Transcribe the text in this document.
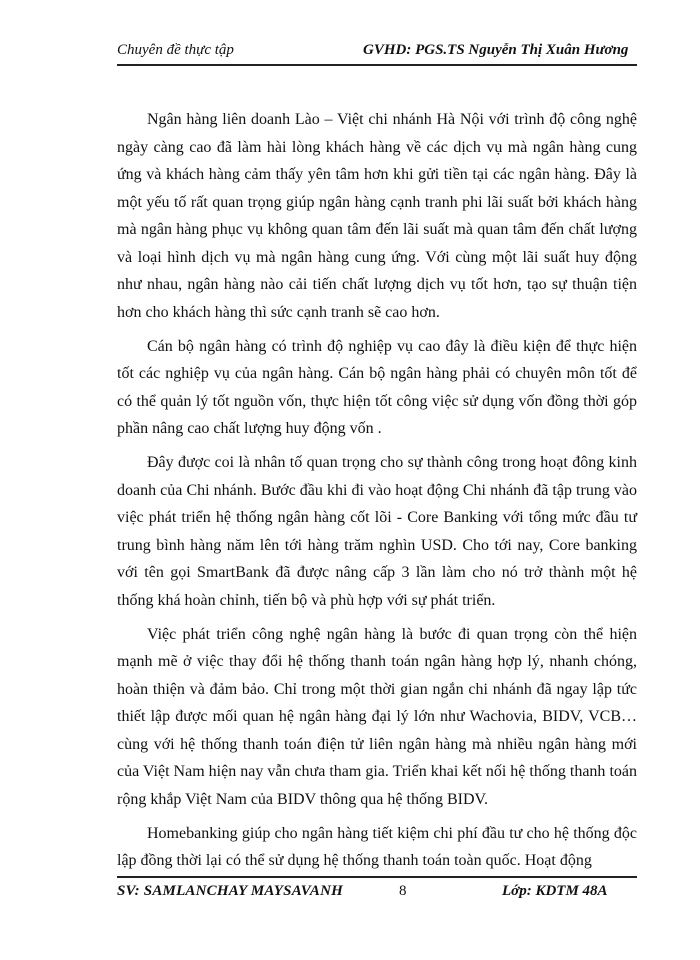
Chuyên đề thực tập	GVHD: PGS.TS Nguyễn Thị Xuân Hương

Ngân hàng liên doanh Lào – Việt chi nhánh Hà Nội với trình độ công nghệ ngày càng cao đã làm hài lòng khách hàng về các dịch vụ mà ngân hàng cung ứng và khách hàng cảm thấy yên tâm hơn khi gửi tiền tại các ngân hàng. Đây là một yếu tố rất quan trọng giúp ngân hàng cạnh tranh phi lãi suất bởi khách hàng mà ngân hàng phục vụ không quan tâm đến lãi suất mà quan tâm đến chất lượng và loại hình dịch vụ mà ngân hàng cung ứng. Với cùng một lãi suất huy động như nhau, ngân hàng nào cải tiến chất lượng dịch vụ tốt hơn, tạo sự thuận tiện hơn cho khách hàng thì sức cạnh tranh sẽ cao hơn.

Cán bộ ngân hàng có trình độ nghiệp vụ cao đây là điều kiện để thực hiện tốt các nghiệp vụ của ngân hàng. Cán bộ ngân hàng phải có chuyên môn tốt để có thể quản lý tốt nguồn vốn, thực hiện tốt công việc sử dụng vốn đồng thời góp phần nâng cao chất lượng huy động vốn .

Đây được coi là nhân tố quan trọng cho sự thành công trong hoạt đông kinh doanh của Chi nhánh. Bước đầu khi đi vào hoạt động Chi nhánh đã tập trung vào việc phát triển hệ thống ngân hàng cốt lõi - Core Banking với tổng mức đầu tư trung bình hàng năm lên tới hàng trăm nghìn USD. Cho tới nay, Core banking với tên gọi SmartBank đã được nâng cấp 3 lần làm cho nó trở thành một hệ thống khá hoàn chỉnh, tiến bộ và phù hợp với sự phát triển.

Việc phát triển công nghệ ngân hàng là bước đi quan trọng còn thể hiện mạnh mẽ ở việc thay đổi hệ thống thanh toán ngân hàng hợp lý, nhanh chóng, hoàn thiện và đảm bảo. Chỉ trong một thời gian ngắn chi nhánh đã ngay lập tức thiết lập được mối quan hệ ngân hàng đại lý lớn như Wachovia, BIDV, VCB…cùng với hệ thống thanh toán điện tử liên ngân hàng mà nhiều ngân hàng mới của Việt Nam hiện nay vẫn chưa tham gia. Triển khai kết nối hệ thống thanh toán rộng khắp Việt Nam của BIDV thông qua hệ thống BIDV.

Homebanking giúp cho ngân hàng tiết kiệm chi phí đầu tư cho hệ thống độc lập đồng thời lại có thể sử dụng hệ thống thanh toán toàn quốc. Hoạt động

SV: SAMLANCHAY MAYSAVANH	8	Lớp: KDTM 48A
